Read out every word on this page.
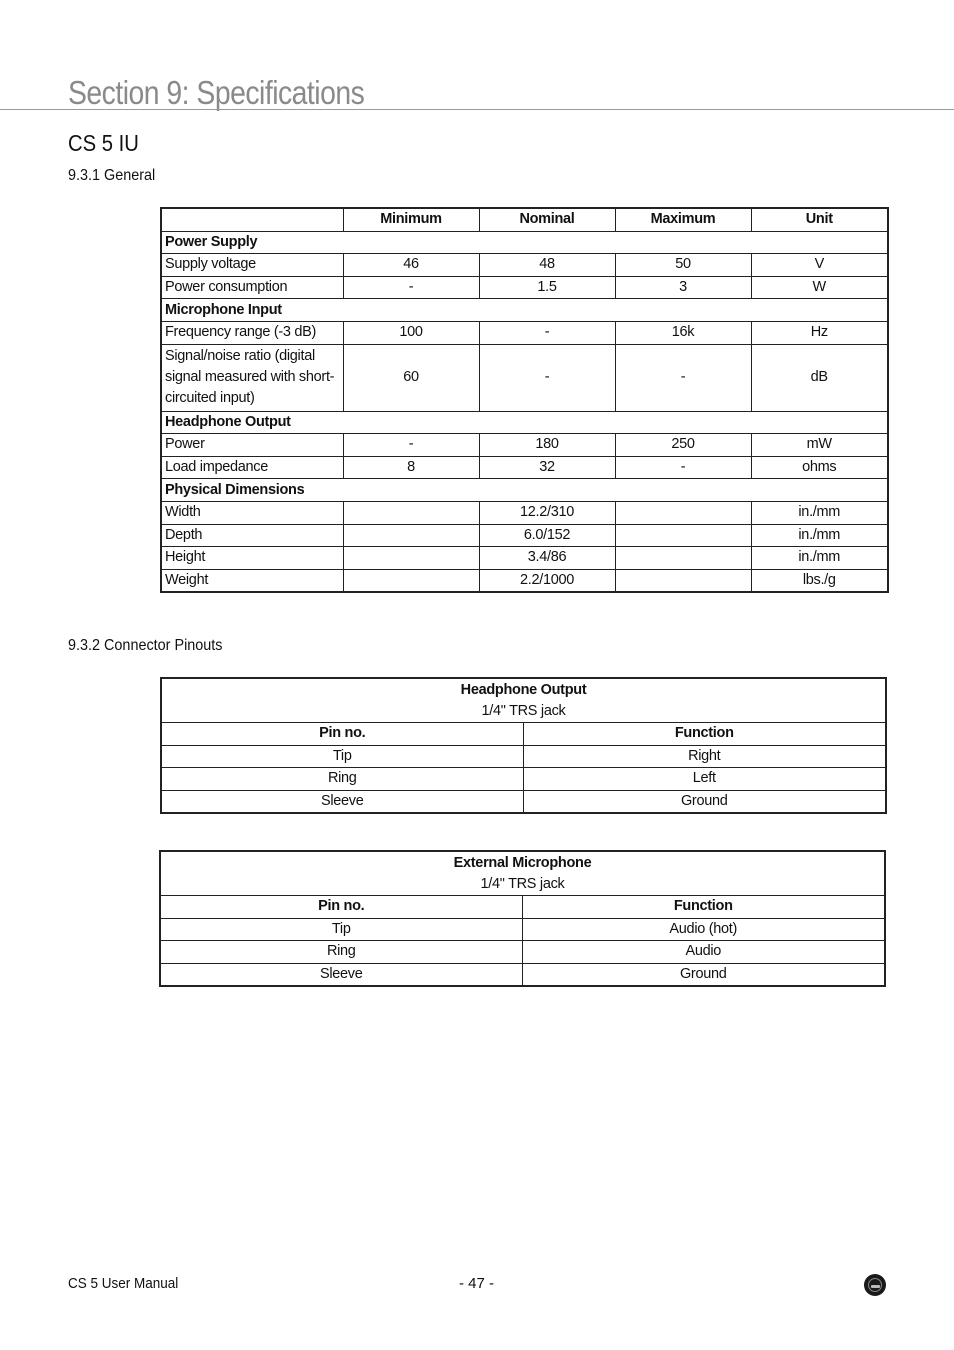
Section 9: Specifications
CS 5 IU
9.3.1 General
	Minimum	Nominal	Maximum	Unit
Power Supply				
Supply voltage	46	48	50	V
Power consumption	-	1.5	3	W
Microphone Input				
Frequency range (-3 dB)	100	-	16k	Hz
Signal/noise ratio (digital signal measured with short-circuited input)	60	-	-	dB
Headphone Output				
Power	-	180	250	mW
Load impedance	8	32	-	ohms
Physical Dimensions				
Width		12.2/310		in./mm
Depth		6.0/152		in./mm
Height		3.4/86		in./mm
Weight		2.2/1000		lbs./g
9.3.2 Connector Pinouts
Headphone Output
1/4" TRS jack	
Pin no.	Function
Tip	Right
Ring	Left
Sleeve	Ground
External Microphone
1/4" TRS jack	
Pin no.	Function
Tip	Audio (hot)
Ring	Audio
Sleeve	Ground
CS 5 User Manual	- 47 -
